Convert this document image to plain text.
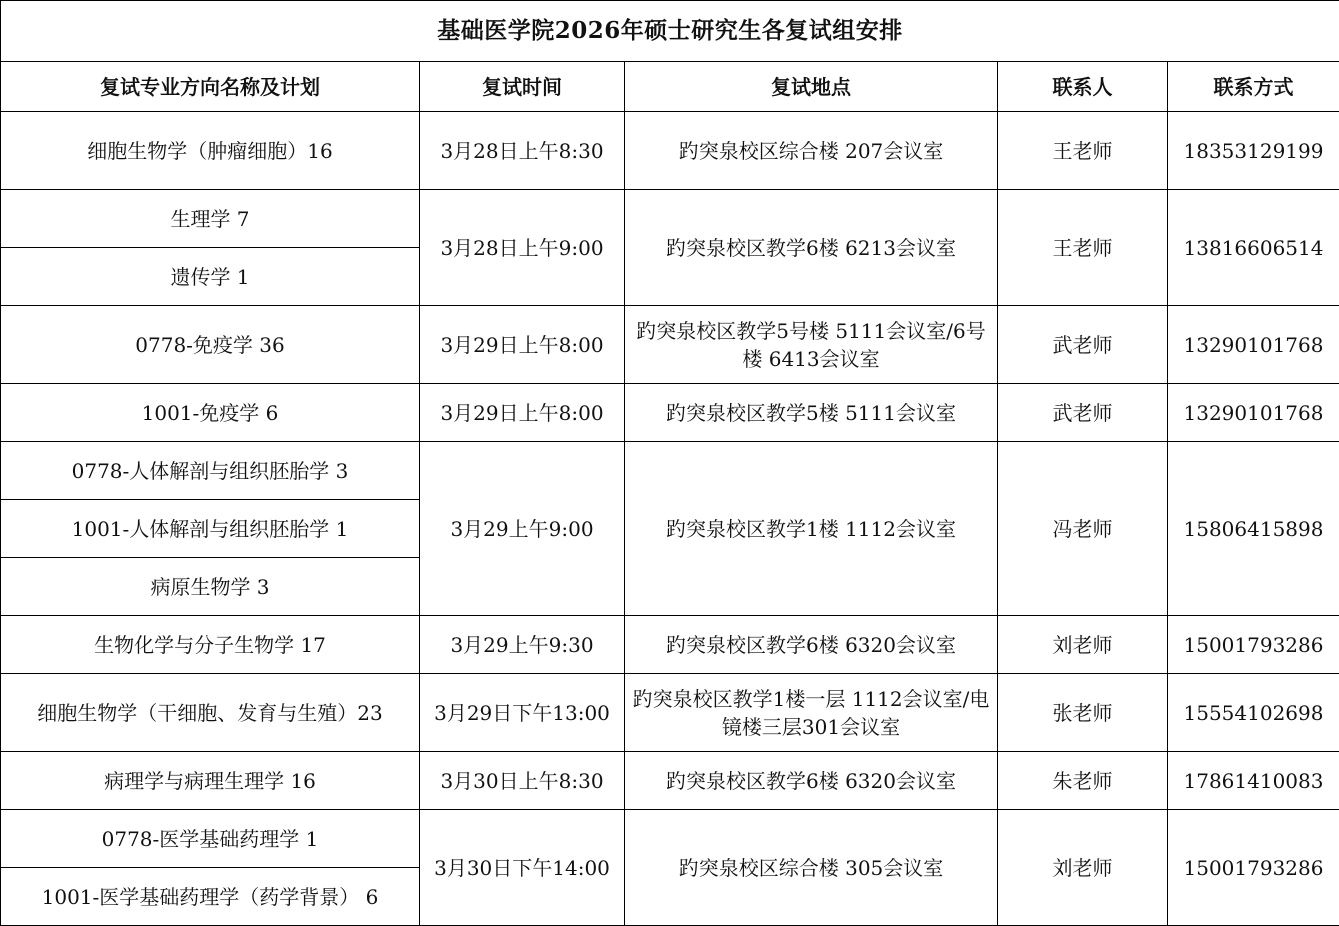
基础医学院2026年硕士研究生各复试组安排				
复试专业方向名称及计划	复试时间	复试地点	联系人	联系方式
细胞生物学（肿瘤细胞）16	3月28日上午8:30	趵突泉校区综合楼 207会议室	王老师	18353129199
生理学 7	3月28日上午9:00	趵突泉校区教学6楼 6213会议室	王老师	13816606514
遗传学 1				
0778-免疫学 36	3月29日上午8:00	趵突泉校区教学5号楼 5111会议室/6号楼 6413会议室	武老师	13290101768
1001-免疫学 6	3月29日上午8:00	趵突泉校区教学5楼 5111会议室	武老师	13290101768
0778-人体解剖与组织胚胎学 3	3月29上午9:00	趵突泉校区教学1楼 1112会议室	冯老师	15806415898
1001-人体解剖与组织胚胎学 1				
病原生物学 3				
生物化学与分子生物学 17	3月29上午9:30	趵突泉校区教学6楼 6320会议室	刘老师	15001793286
细胞生物学（干细胞、发育与生殖）23	3月29日下午13:00	趵突泉校区教学1楼一层 1112会议室/电镜楼三层301会议室	张老师	15554102698
病理学与病理生理学 16	3月30日上午8:30	趵突泉校区教学6楼 6320会议室	朱老师	17861410083
0778-医学基础药理学 1	3月30日下午14:00	趵突泉校区综合楼 305会议室	刘老师	15001793286
1001-医学基础药理学（药学背景） 6				
